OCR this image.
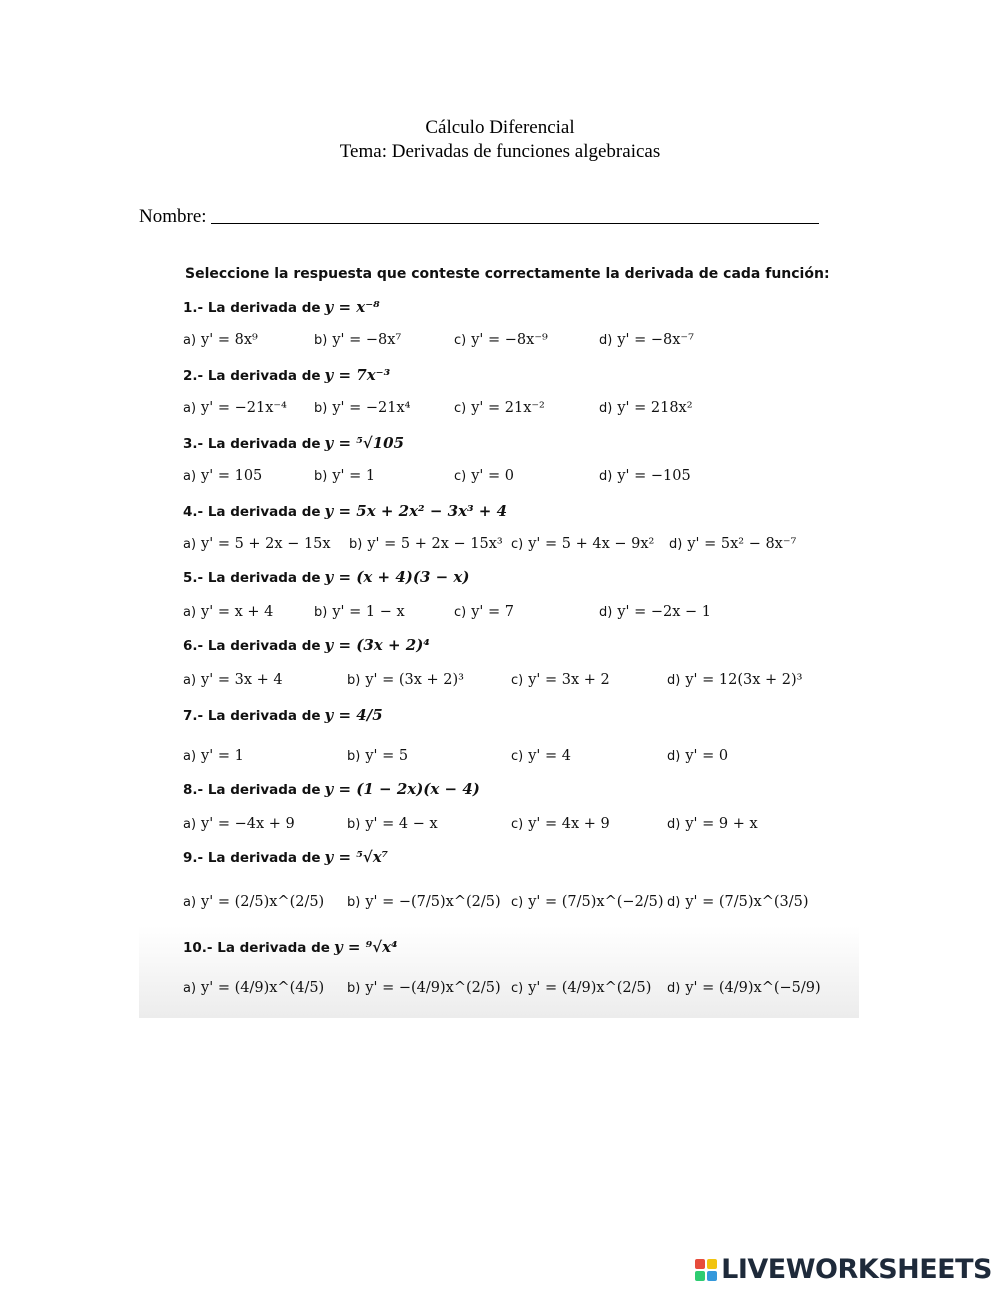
Cálculo Diferencial
Tema: Derivadas de funciones algebraicas
Nombre:
Seleccione la respuesta que conteste correctamente la derivada de cada función:
1.- La derivada de y = x⁻⁸
a) y' = 8x⁹	b) y' = −8x⁷	c) y' = −8x⁻⁹	d) y' = −8x⁻⁷
2.- La derivada de y = 7x⁻³
a) y' = −21x⁻⁴ b) y' = −21x⁴	c) y' = 21x⁻²	d) y' = 218x²
3.- La derivada de y = ⁵√105
a) y' = 105	b) y' = 1	c) y' = 0	d) y' = −105
4.- La derivada de y = 5x + 2x² − 3x³ + 4
a) y' = 5 + 2x − 15x b) y' = 5 + 2x − 15x³ c) y' = 5 + 4x − 9x² d) y' = 5x² − 8x⁻⁷
5.- La derivada de y = (x + 4)(3 − x)
a) y' = x + 4	b) y' = 1 − x	c) y' = 7	d) y' = −2x − 1
6.- La derivada de y = (3x + 2)⁴
a) y' = 3x + 4	b) y' = (3x + 2)³	c) y' = 3x + 2	d) y' = 12(3x + 2)³
7.- La derivada de y = 4/5
a) y' = 1	b) y' = 5	c) y' = 4	d) y' = 0
8.- La derivada de y = (1 − 2x)(x − 4)
a) y' = −4x + 9	b) y' = 4 − x	c) y' = 4x + 9	d) y' = 9 + x
9.- La derivada de y = ⁵√x⁷
a) y' = (2/5)x^(2/5) b) y' = −(7/5)x^(2/5) c) y' = (7/5)x^(−2/5) d) y' = (7/5)x^(3/5)
10.- La derivada de y = ⁹√x⁴
a) y' = (4/9)x^(4/5) b) y' = −(4/9)x^(2/5) c) y' = (4/9)x^(2/5) d) y' = (4/9)x^(−5/9)
LIVEWORKSHEETS
